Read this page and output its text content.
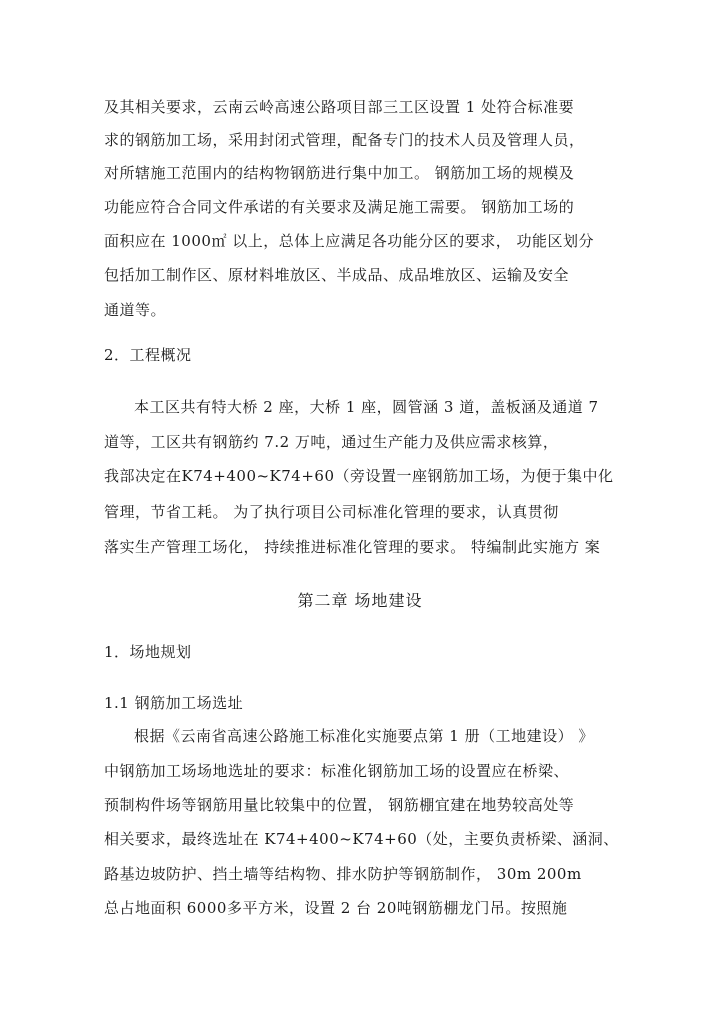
及其相关要求，云南云岭高速公路项目部三工区设置 1 处符合标准要
求的钢筋加工场，采用封闭式管理，配备专门的技术人员及管理人员，
对所辖施工范围内的结构物钢筋进行集中加工。 钢筋加工场的规模及
功能应符合合同文件承诺的有关要求及满足施工需要。 钢筋加工场的
面积应在 1000㎡ 以上，总体上应满足各功能分区的要求， 功能区划分
包括加工制作区、原材料堆放区、半成品、成品堆放区、运输及安全
通道等。
2．工程概况
本工区共有特大桥 2 座，大桥 1 座，圆管涵 3 道，盖板涵及通道 7
道等，工区共有钢筋约 7.2 万吨，通过生产能力及供应需求核算，
我部决定在K74+400~K74+60（旁设置一座钢筋加工场，为便于集中化
管理，节省工耗。 为了执行项目公司标准化管理的要求，认真贯彻
落实生产管理工场化， 持续推进标准化管理的要求。 特编制此实施方 案
第二章 场地建设
1．场地规划
1.1 钢筋加工场选址
根据《云南省高速公路施工标准化实施要点第 1 册（工地建设） 》
中钢筋加工场场地选址的要求：标准化钢筋加工场的设置应在桥梁、
预制构件场等钢筋用量比较集中的位置， 钢筋棚宜建在地势较高处等
相关要求，最终选址在 K74+400~K74+60（处，主要负责桥梁、涵洞、
路基边坡防护、挡土墙等结构物、排水防护等钢筋制作， 30m 200m
总占地面积 6000多平方米，设置 2 台 20吨钢筋棚龙门吊。按照施
